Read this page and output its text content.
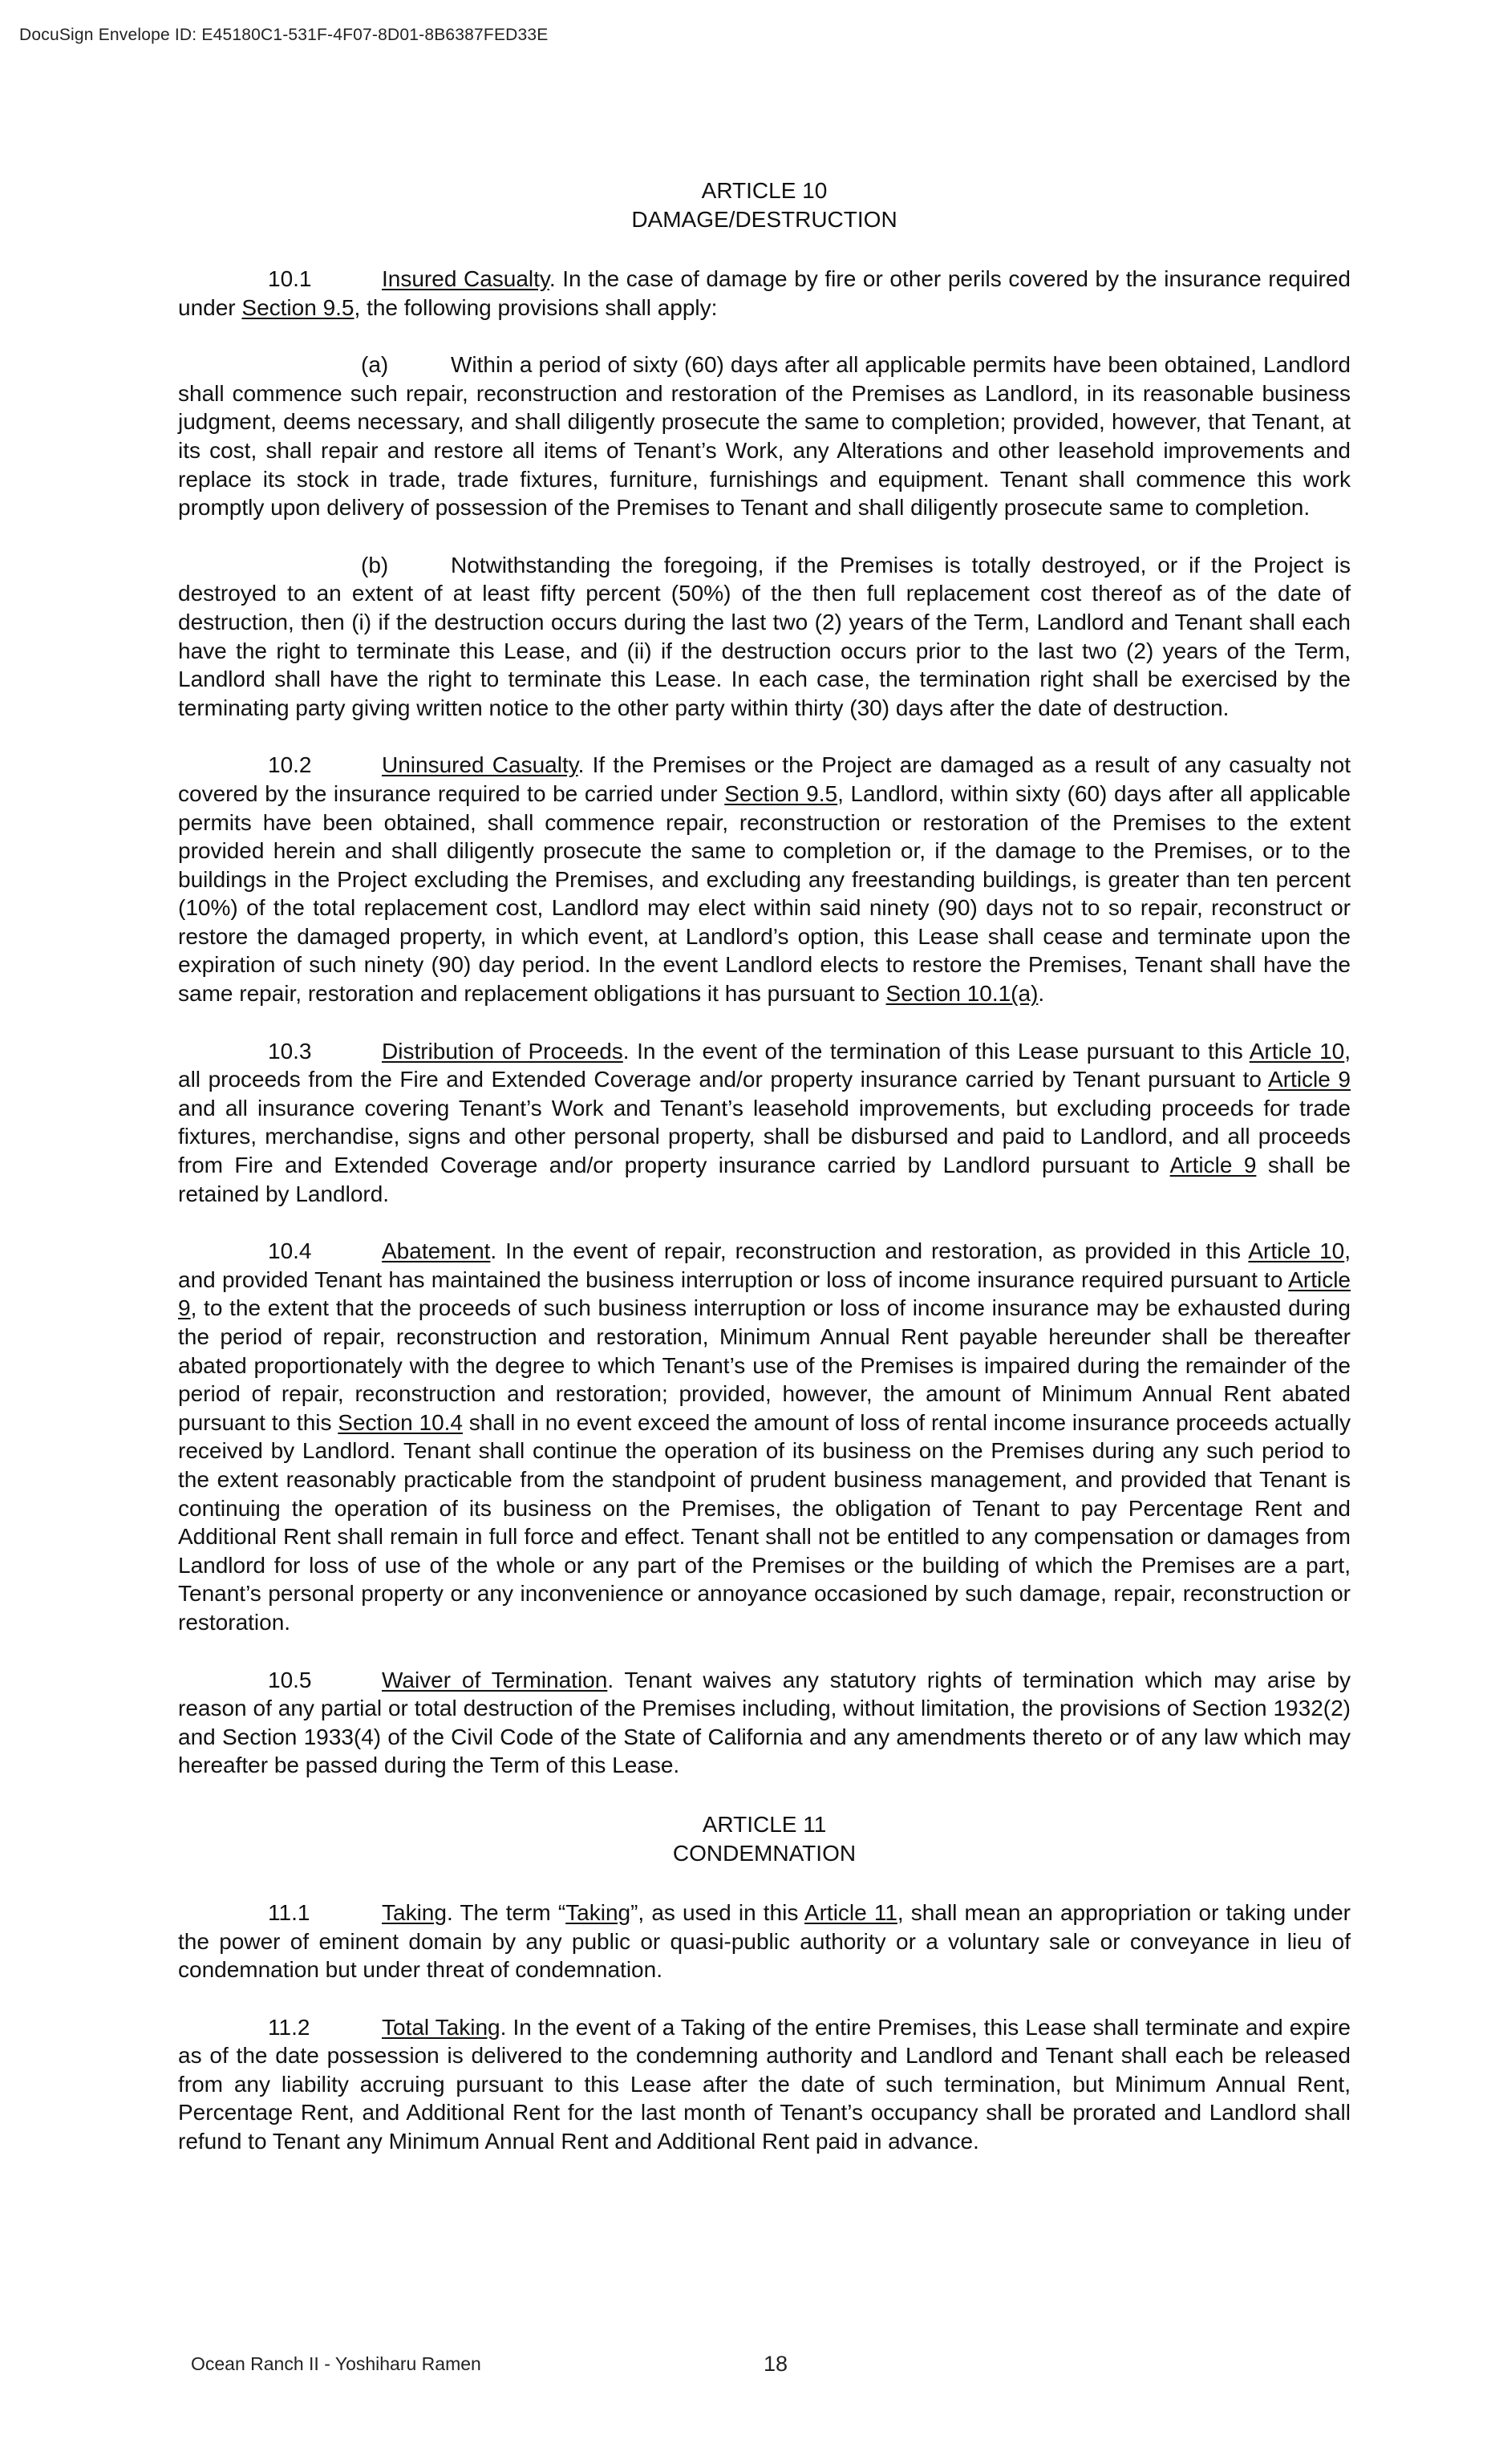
DocuSign Envelope ID: E45180C1-531F-4F07-8D01-8B6387FED33E
ARTICLE 10
DAMAGE/DESTRUCTION

10.1	Insured Casualty. In the case of damage by fire or other perils covered by the insurance required under Section 9.5, the following provisions shall apply:

(a)	Within a period of sixty (60) days after all applicable permits have been obtained, Landlord shall commence such repair, reconstruction and restoration of the Premises as Landlord, in its reasonable business judgment, deems necessary, and shall diligently prosecute the same to completion; provided, however, that Tenant, at its cost, shall repair and restore all items of Tenant’s Work, any Alterations and other leasehold improvements and replace its stock in trade, trade fixtures, furniture, furnishings and equipment. Tenant shall commence this work promptly upon delivery of possession of the Premises to Tenant and shall diligently prosecute same to completion.

(b)	Notwithstanding the foregoing, if the Premises is totally destroyed, or if the Project is destroyed to an extent of at least fifty percent (50%) of the then full replacement cost thereof as of the date of destruction, then (i) if the destruction occurs during the last two (2) years of the Term, Landlord and Tenant shall each have the right to terminate this Lease, and (ii) if the destruction occurs prior to the last two (2) years of the Term, Landlord shall have the right to terminate this Lease. In each case, the termination right shall be exercised by the terminating party giving written notice to the other party within thirty (30) days after the date of destruction.

10.2	Uninsured Casualty. If the Premises or the Project are damaged as a result of any casualty not covered by the insurance required to be carried under Section 9.5, Landlord, within sixty (60) days after all applicable permits have been obtained, shall commence repair, reconstruction or restoration of the Premises to the extent provided herein and shall diligently prosecute the same to completion or, if the damage to the Premises, or to the buildings in the Project excluding the Premises, and excluding any freestanding buildings, is greater than ten percent (10%) of the total replacement cost, Landlord may elect within said ninety (90) days not to so repair, reconstruct or restore the damaged property, in which event, at Landlord’s option, this Lease shall cease and terminate upon the expiration of such ninety (90) day period. In the event Landlord elects to restore the Premises, Tenant shall have the same repair, restoration and replacement obligations it has pursuant to Section 10.1(a).

10.3	Distribution of Proceeds. In the event of the termination of this Lease pursuant to this Article 10, all proceeds from the Fire and Extended Coverage and/or property insurance carried by Tenant pursuant to Article 9 and all insurance covering Tenant’s Work and Tenant’s leasehold improvements, but excluding proceeds for trade fixtures, merchandise, signs and other personal property, shall be disbursed and paid to Landlord, and all proceeds from Fire and Extended Coverage and/or property insurance carried by Landlord pursuant to Article 9 shall be retained by Landlord.

10.4	Abatement. In the event of repair, reconstruction and restoration, as provided in this Article 10, and provided Tenant has maintained the business interruption or loss of income insurance required pursuant to Article 9, to the extent that the proceeds of such business interruption or loss of income insurance may be exhausted during the period of repair, reconstruction and restoration, Minimum Annual Rent payable hereunder shall be thereafter abated proportionately with the degree to which Tenant’s use of the Premises is impaired during the remainder of the period of repair, reconstruction and restoration; provided, however, the amount of Minimum Annual Rent abated pursuant to this Section 10.4 shall in no event exceed the amount of loss of rental income insurance proceeds actually received by Landlord. Tenant shall continue the operation of its business on the Premises during any such period to the extent reasonably practicable from the standpoint of prudent business management, and provided that Tenant is continuing the operation of its business on the Premises, the obligation of Tenant to pay Percentage Rent and Additional Rent shall remain in full force and effect. Tenant shall not be entitled to any compensation or damages from Landlord for loss of use of the whole or any part of the Premises or the building of which the Premises are a part, Tenant’s personal property or any inconvenience or annoyance occasioned by such damage, repair, reconstruction or restoration.

10.5	Waiver of Termination. Tenant waives any statutory rights of termination which may arise by reason of any partial or total destruction of the Premises including, without limitation, the provisions of Section 1932(2) and Section 1933(4) of the Civil Code of the State of California and any amendments thereto or of any law which may hereafter be passed during the Term of this Lease.

ARTICLE 11
CONDEMNATION

11.1	Taking. The term “Taking”, as used in this Article 11, shall mean an appropriation or taking under the power of eminent domain by any public or quasi-public authority or a voluntary sale or conveyance in lieu of condemnation but under threat of condemnation.

11.2	Total Taking. In the event of a Taking of the entire Premises, this Lease shall terminate and expire as of the date possession is delivered to the condemning authority and Landlord and Tenant shall each be released from any liability accruing pursuant to this Lease after the date of such termination, but Minimum Annual Rent, Percentage Rent, and Additional Rent for the last month of Tenant’s occupancy shall be prorated and Landlord shall refund to Tenant any Minimum Annual Rent and Additional Rent paid in advance.

Ocean Ranch II - Yoshiharu Ramen	18
